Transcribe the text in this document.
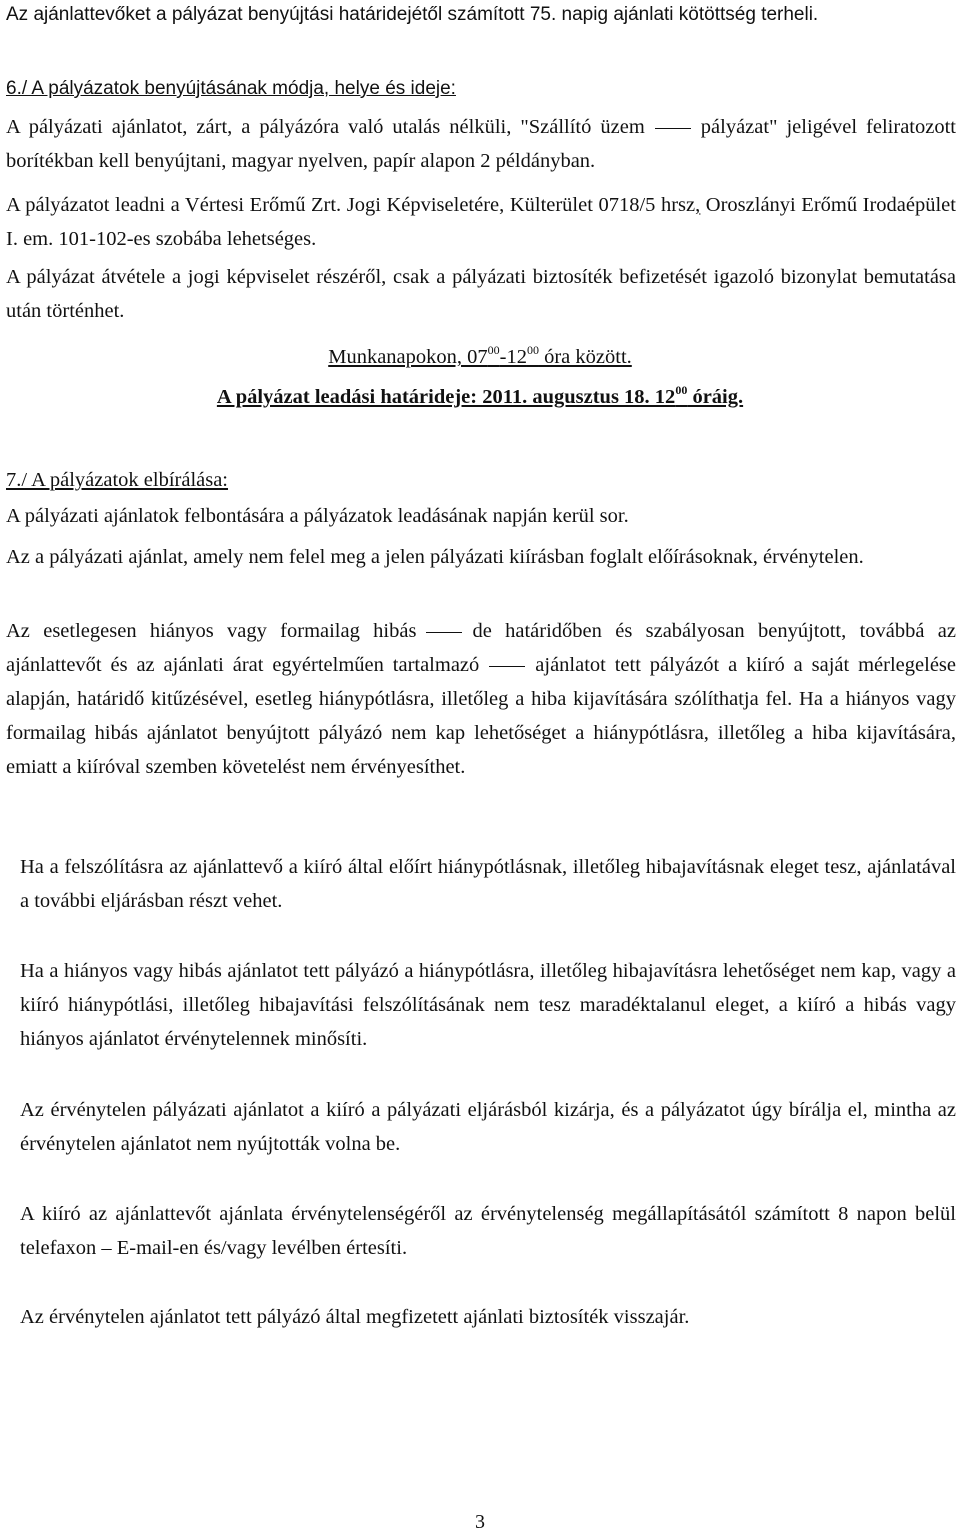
Az ajánlattevőket a pályázat benyújtási határidejétől számított 75. napig ajánlati kötöttség terheli.

6./ A pályázatok benyújtásának módja, helye és ideje:

A pályázati ajánlatot, zárt, a pályázóra való utalás nélküli, "Szállító üzem	pályázat" jeligével feliratozott borítékban kell benyújtani, magyar nyelven, papír alapon 2 példányban.

A pályázatot leadni a Vértesi Erőmű Zrt. Jogi Képviseletére, Külterület 0718/5 hrsz, Oroszlányi Erőmű Irodaépület I. em. 101-102-es szobába lehetséges.

A pályázat átvétele a jogi képviselet részéről, csak a pályázati biztosíték befizetését igazoló bizonylat bemutatása után történhet.

Munkanapokon, $07^{00}-12^{00}$ óra között.

A pályázat leadási határideje: 2011. augusztus 18. $12^{00}$ óráig.

7./ A pályázatok elbírálása:

A pályázati ajánlatok felbontására a pályázatok leadásának napján kerül sor.

Az a pályázati ajánlat, amely nem felel meg a jelen pályázati kiírásban foglalt előírásoknak, érvénytelen.

Az esetlegesen hiányos vagy formailag hibás	de határidőben és szabályosan benyújtott, továbbá az ajánlattevőt és az ajánlati árat egyértelműen tartalmazó	ajánlatot tett pályázót a kiíró a saját mérlegelése alapján, határidő kitűzésével, esetleg hiánypótlásra, illetőleg a hiba kijavítására szólíthatja fel. Ha a hiányos vagy formailag hibás ajánlatot benyújtott pályázó nem kap lehetőséget a hiánypótlásra, illetőleg a hiba kijavítására, emiatt a kiíróval szemben követelést nem érvényesíthet.

Ha a felszólításra az ajánlattevő a kiíró által előírt hiánypótlásnak, illetőleg hibajavításnak eleget tesz, ajánlatával a további eljárásban részt vehet.

Ha a hiányos vagy hibás ajánlatot tett pályázó a hiánypótlásra, illetőleg hibajavításra lehetőséget nem kap, vagy a kiíró hiánypótlási, illetőleg hibajavítási felszólításának nem tesz maradéktalanul eleget, a kiíró a hibás vagy hiányos ajánlatot érvénytelennek minősíti.

Az érvénytelen pályázati ajánlatot a kiíró a pályázati eljárásból kizárja, és a pályázatot úgy bírálja el, mintha az érvénytelen ajánlatot nem nyújtották volna be.

A kiíró az ajánlattevőt ajánlata érvénytelenségéről az érvénytelenség megállapításától számított 8 napon belül telefaxon – E-mail-en és/vagy levélben értesíti.

Az érvénytelen ajánlatot tett pályázó által megfizetett ajánlati biztosíték visszajár.

3
